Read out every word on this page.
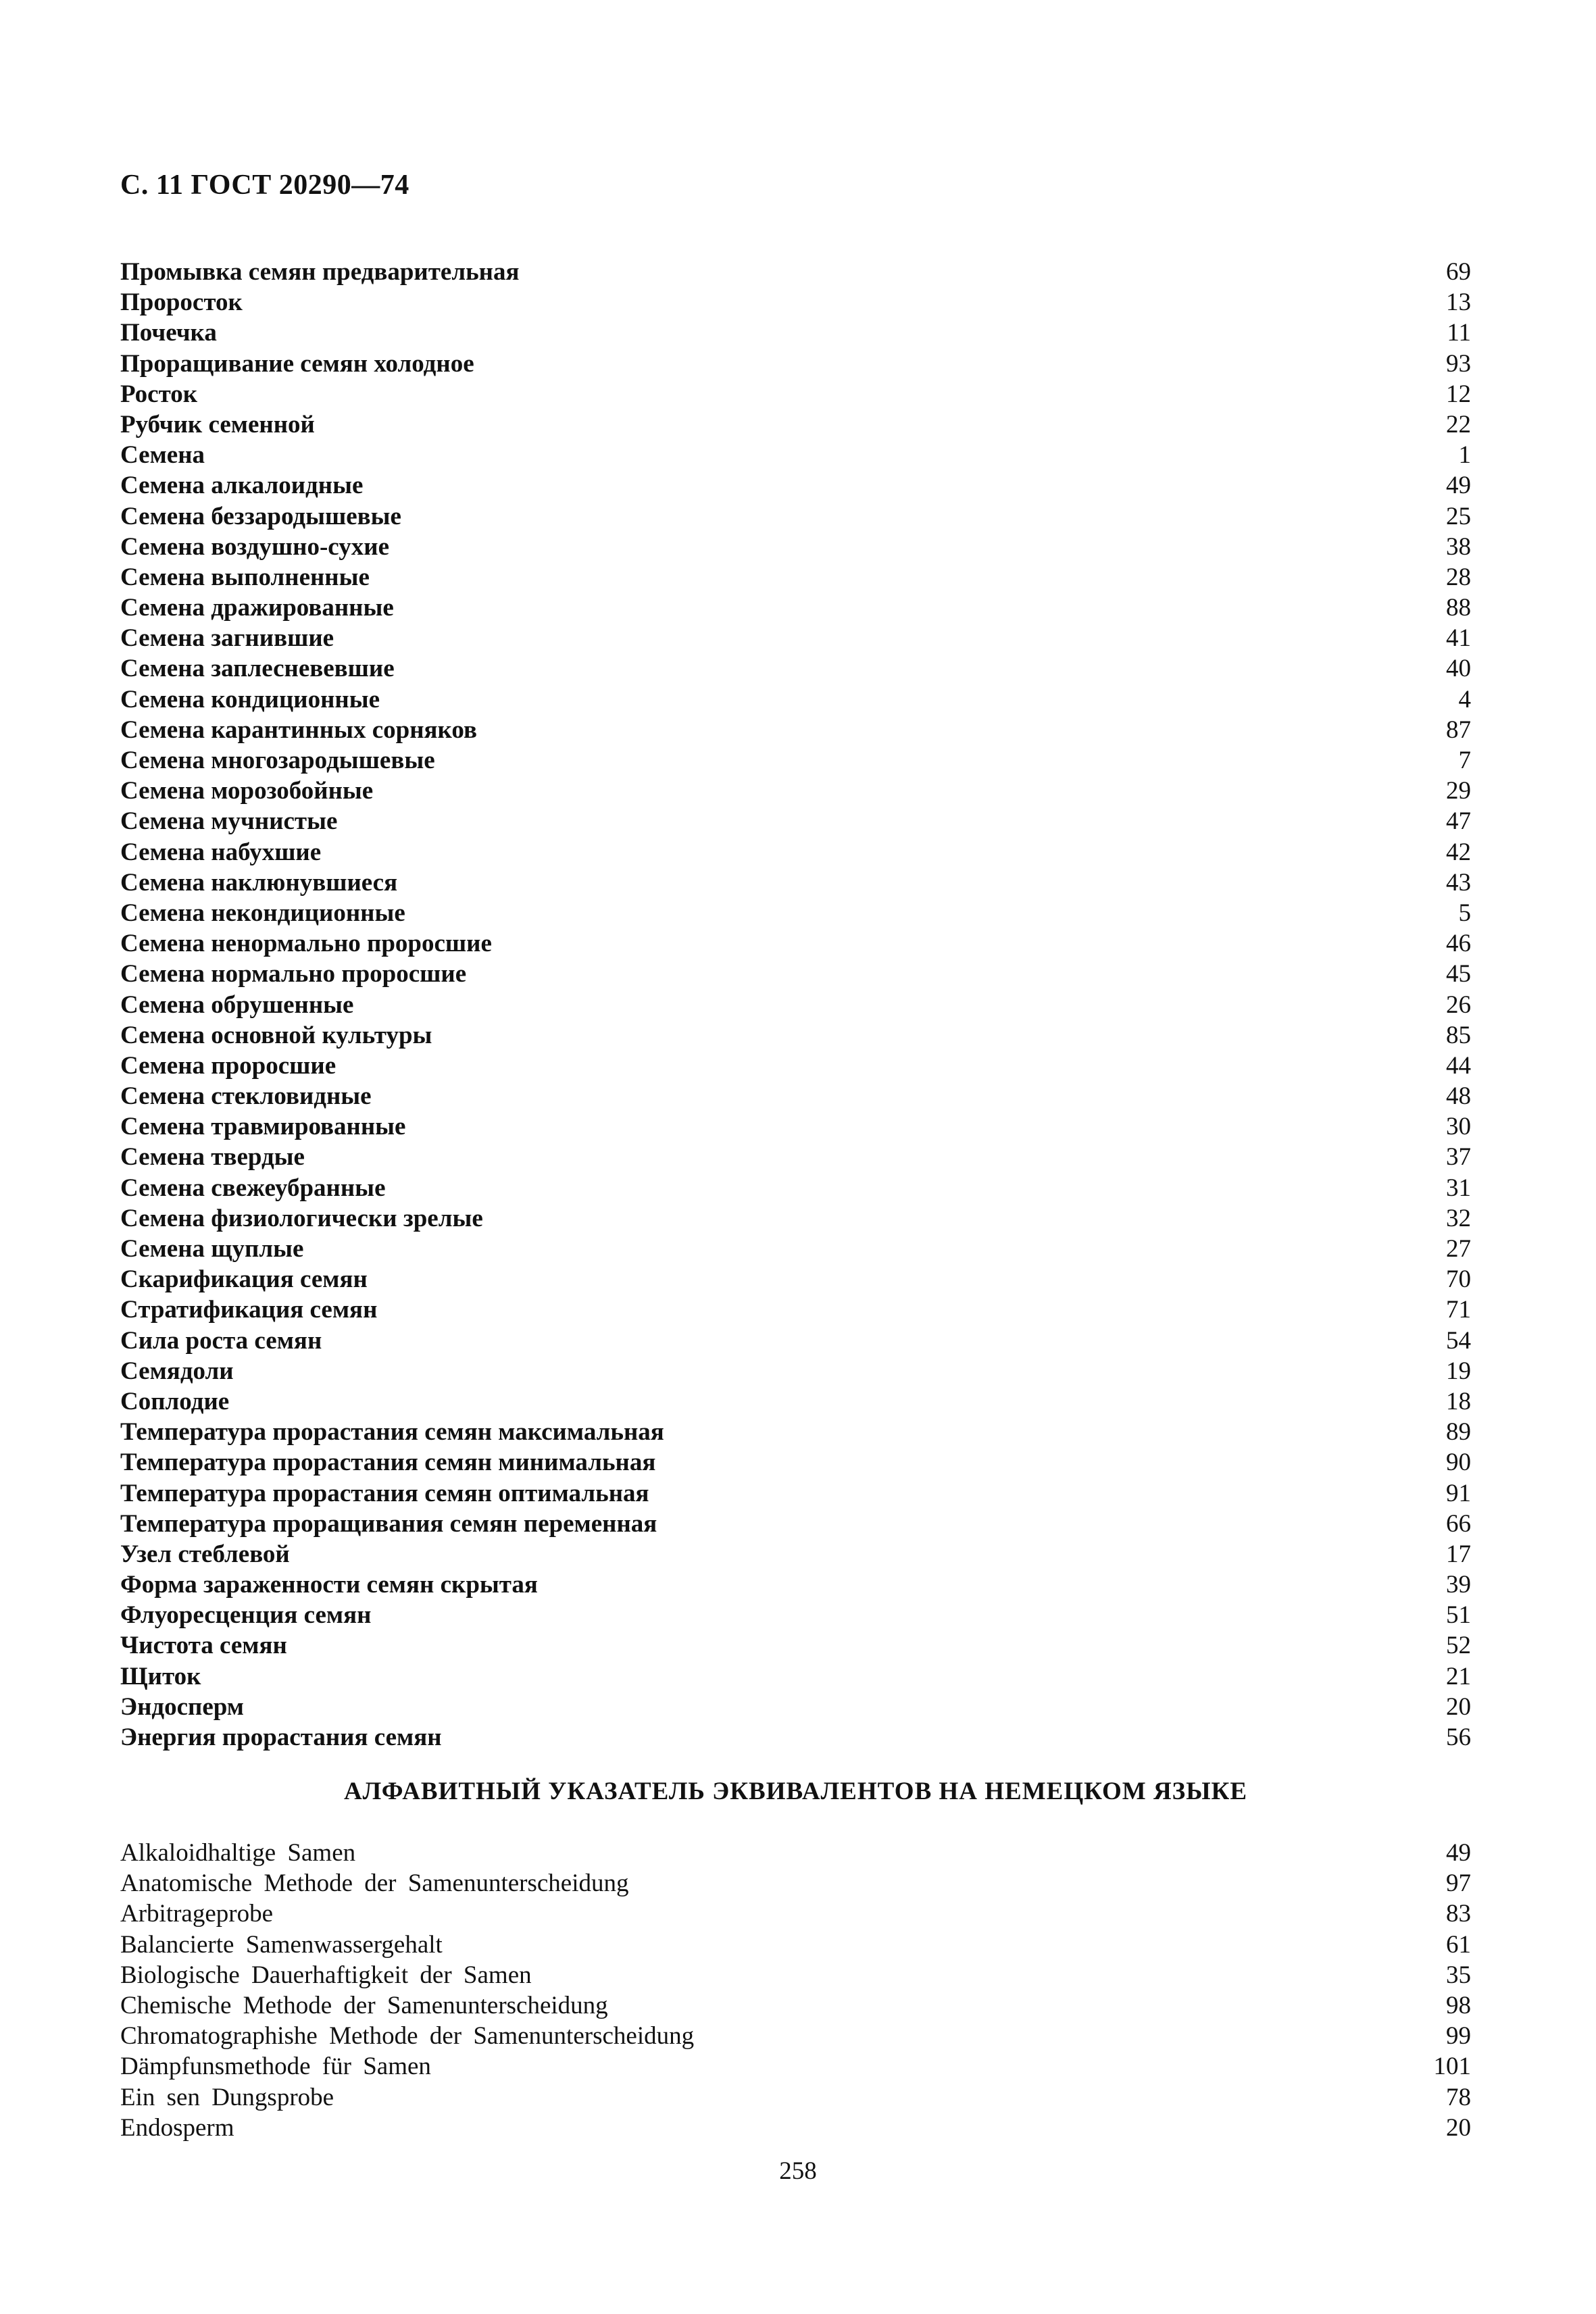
С. 11 ГОСТ 20290—74
Промывка семян предварительная	69
Проросток	13
Почечка	11
Проращивание семян холодное	93
Росток	12
Рубчик семенной	22
Семена	1
Семена алкалоидные	49
Семена беззародышевые	25
Семена воздушно-сухие	38
Семена выполненные	28
Семена дражированные	88
Семена загнившие	41
Семена заплесневевшие	40
Семена кондиционные	4
Семена карантинных сорняков	87
Семена многозародышевые	7
Семена морозобойные	29
Семена мучнистые	47
Семена набухшие	42
Семена наклюнувшиеся	43
Семена некондиционные	5
Семена ненормально проросшие	46
Семена нормально проросшие	45
Семена обрушенные	26
Семена основной культуры	85
Семена проросшие	44
Семена стекловидные	48
Семена травмированные	30
Семена твердые	37
Семена свежеубранные	31
Семена физиологически зрелые	32
Семена щуплые	27
Скарификация семян	70
Стратификация семян	71
Сила роста семян	54
Семядоли	19
Соплодие	18
Температура прорастания семян максимальная	89
Температура прорастания семян минимальная	90
Температура прорастания семян оптимальная	91
Температура проращивания семян переменная	66
Узел стеблевой	17
Форма зараженности семян скрытая	39
Флуоресценция семян	51
Чистота семян	52
Щиток	21
Эндосперм	20
Энергия прорастания семян	56
АЛФАВИТНЫЙ УКАЗАТЕЛЬ ЭКВИВАЛЕНТОВ НА НЕМЕЦКОМ ЯЗЫКЕ
Alkaloidhaltige Samen	49
Anatomische Methode der Samenunterscheidung	97
Arbitrageprobe	83
Balancierte Samenwassergehalt	61
Biologische Dauerhaftigkeit der Samen	35
Chemische Methode der Samenunterscheidung	98
Chromatographishe Methode der Samenunterscheidung	99
Dämpfunsmethode für Samen	101
Ein sen Dungsprobe	78
Endosperm	20
258
